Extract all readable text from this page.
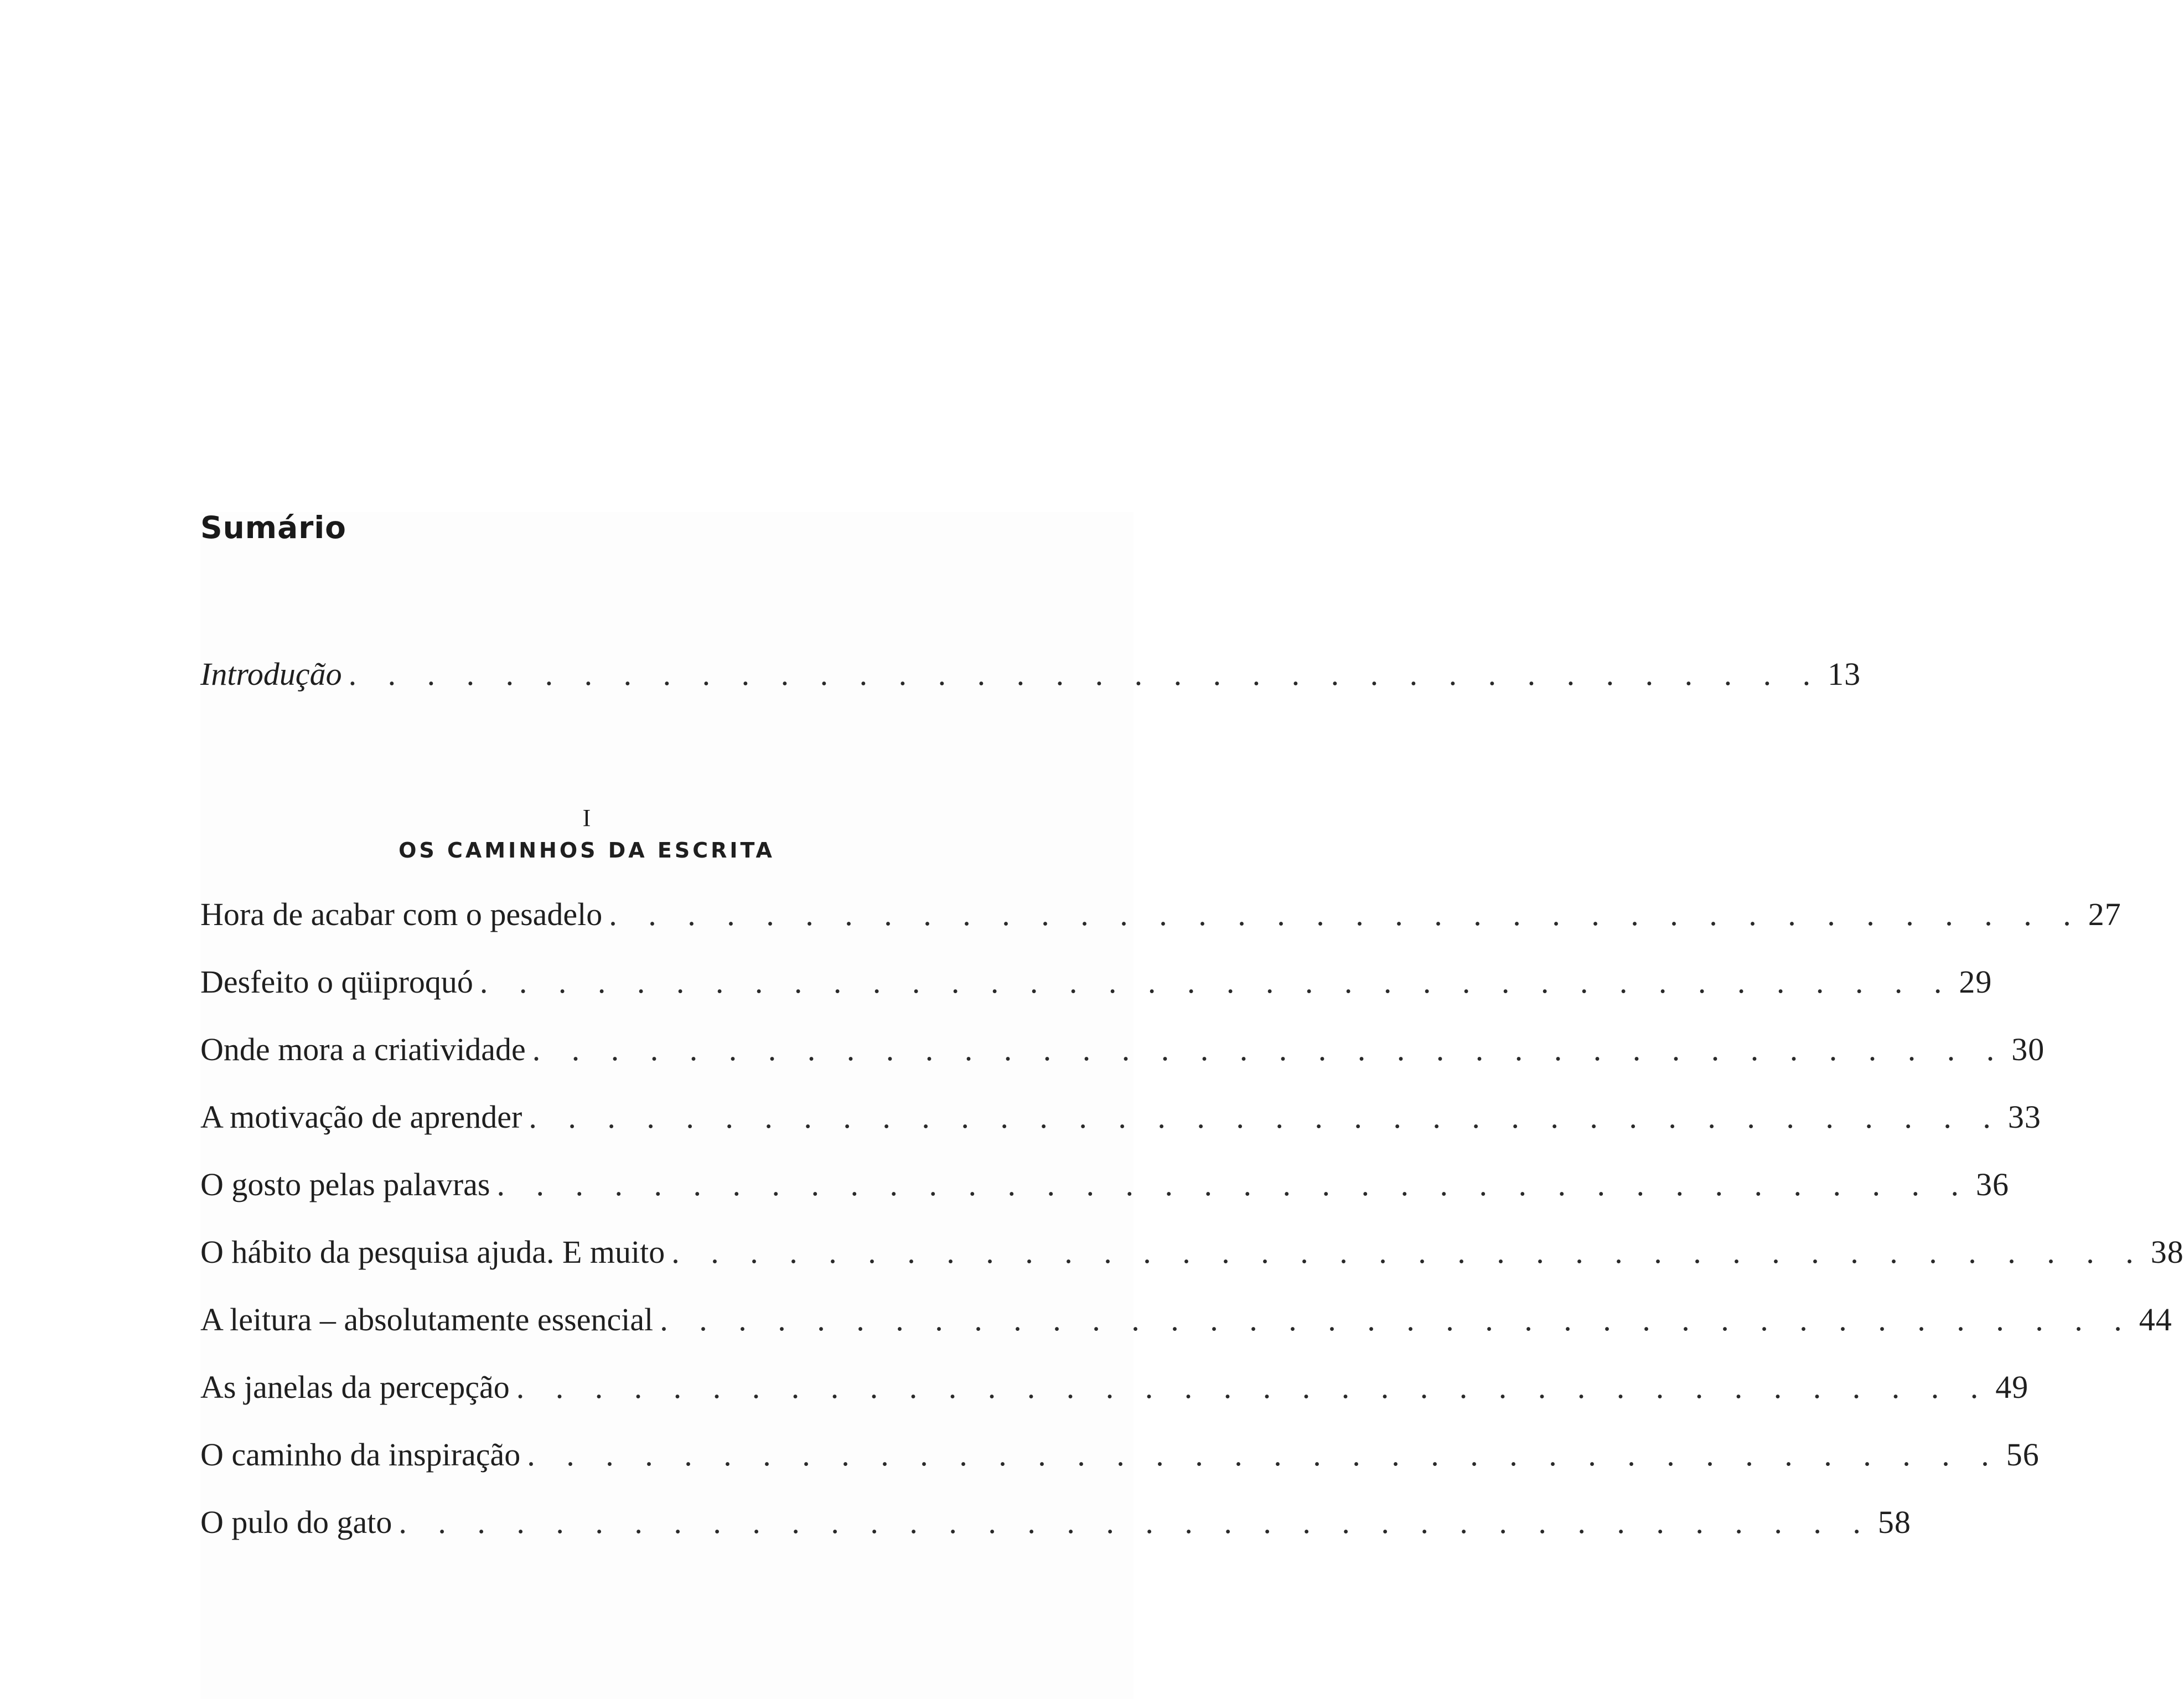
Sumário
Introdução . . . . . . . . . . . . . . . . . . . . . . . . . . . . . . . . . . . . . . 13
I
OS CAMINHOS DA ESCRITA
Hora de acabar com o pesadelo . . . . . . . . . . . . . . . . . . . . . . . . . . . . . . . . . . . . . . 27
Desfeito o qüiproquó . . . . . . . . . . . . . . . . . . . . . . . . . . . . . . . . . . . . . . 29
Onde mora a criatividade . . . . . . . . . . . . . . . . . . . . . . . . . . . . . . . . . . . . . . 30
A motivação de aprender . . . . . . . . . . . . . . . . . . . . . . . . . . . . . . . . . . . . . . 33
O gosto pelas palavras . . . . . . . . . . . . . . . . . . . . . . . . . . . . . . . . . . . . . . 36
O hábito da pesquisa ajuda. E muito . . . . . . . . . . . . . . . . . . . . . . . . . . . . . . . . . . . . . . 38
A leitura – absolutamente essencial . . . . . . . . . . . . . . . . . . . . . . . . . . . . . . . . . . . . . . 44
As janelas da percepção . . . . . . . . . . . . . . . . . . . . . . . . . . . . . . . . . . . . . . 49
O caminho da inspiração . . . . . . . . . . . . . . . . . . . . . . . . . . . . . . . . . . . . . . 56
O pulo do gato . . . . . . . . . . . . . . . . . . . . . . . . . . . . . . . . . . . . . . 58
